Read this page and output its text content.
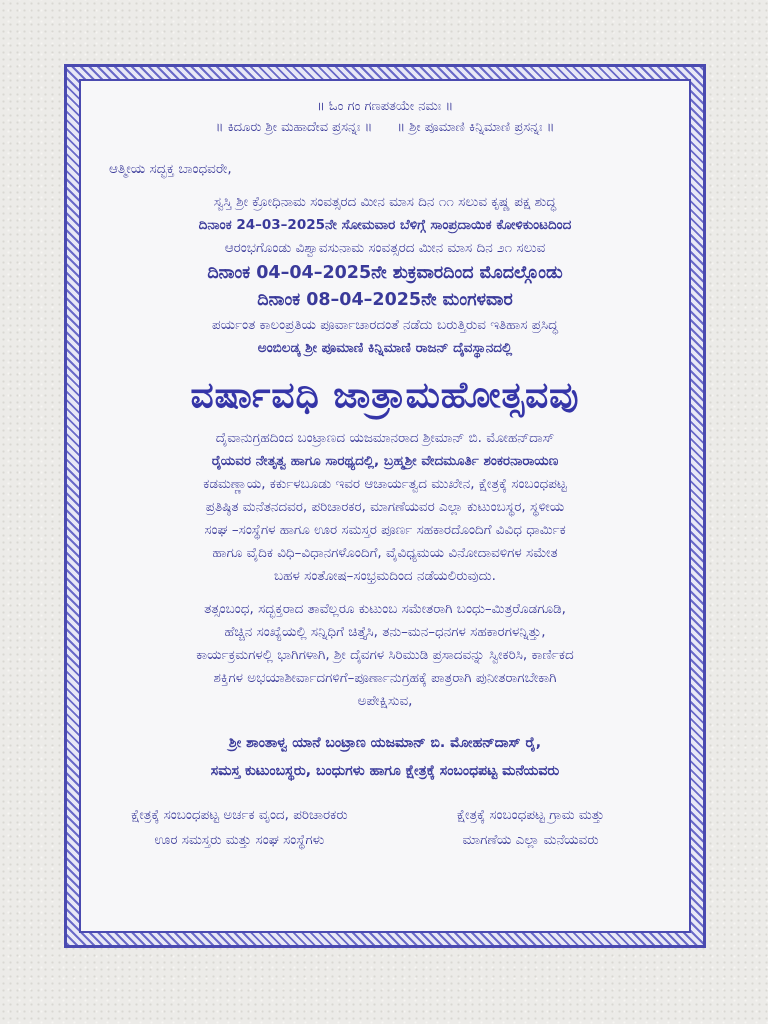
॥ ಓಂ ಗಂ ಗಣಪತಯೇ ನಮಃ ॥
॥ ಕಿದೂರು ಶ್ರೀ ಮಹಾದೇವ ಪ್ರಸನ್ನಃ ॥      ॥ ಶ್ರೀ ಪೂಮಾಣಿ ಕಿನ್ನಿಮಾಣಿ ಪ್ರಸನ್ನಃ ॥
ಆತ್ಮೀಯ ಸದ್ಭಕ್ತ ಬಾಂಧವರೇ,
ಸ್ವಸ್ತಿ ಶ್ರೀ ಕ್ರೋಧಿನಾಮ ಸಂವತ್ಸರದ ಮೀನ ಮಾಸ ದಿನ ೧೧ ಸಲುವ ಕೃಷ್ಣ ಪಕ್ಷ ಶುದ್ಧ
ದಿನಾಂಕ 24–03–2025ನೇ ಸೋಮವಾರ ಬೆಳಿಗ್ಗೆ ಸಾಂಪ್ರದಾಯಿಕ ಕೋಳಿಕುಂಟದಿಂದ
ಆರಂಭಗೊಂಡು ವಿಶ್ವಾವಸುನಾಮ ಸಂವತ್ಸರದ ಮೀನ ಮಾಸ ದಿನ ೨೧ ಸಲುವ
ದಿನಾಂಕ 04–04–2025ನೇ ಶುಕ್ರವಾರದಿಂದ ಮೊದಲ್ಗೊಂಡು
ದಿನಾಂಕ 08–04–2025ನೇ ಮಂಗಳವಾರ
ಪರ್ಯಂತ ಕಾಲಂಪ್ರತಿಯ ಪೂರ್ವಾಚಾರದಂತೆ ನಡೆದು ಬರುತ್ತಿರುವ ಇತಿಹಾಸ ಪ್ರಸಿದ್ಧ
ಅಂಬಿಲಡ್ಕ ಶ್ರೀ ಪೂಮಾಣಿ ಕಿನ್ನಿಮಾಣಿ ರಾಜನ್ ದೈವಸ್ಥಾನದಲ್ಲಿ
ವರ್ಷಾವಧಿ ಜಾತ್ರಾಮಹೋತ್ಸವವು
ದೈವಾನುಗ್ರಹದಿಂದ ಬಂಟ್ರಾಣದ ಯಜಮಾನರಾದ ಶ್ರೀಮಾನ್ ಬಿ. ಮೋಹನ್‌ದಾಸ್
ರೈಯವರ ನೇತೃತ್ವ ಹಾಗೂ ಸಾರಥ್ಯದಲ್ಲಿ, ಬ್ರಹ್ಮಶ್ರೀ ವೇದಮೂರ್ತಿ ಶಂಕರನಾರಾಯಣ
ಕಡಮಣ್ಣಾಯ, ಕರ್ಕುಳಬೂಡು ಇವರ ಆಚಾರ್ಯತ್ವದ ಮುಖೇನ, ಕ್ಷೇತ್ರಕ್ಕೆ ಸಂಬಂಧಪಟ್ಟ
ಪ್ರತಿಷ್ಠಿತ ಮನೆತನದವರ, ಪರಿಚಾರಕರ, ಮಾಗಣೆಯವರ ಎಲ್ಲಾ ಕುಟುಂಬಸ್ಥರ, ಸ್ಥಳೀಯ
ಸಂಘ –ಸಂಸ್ಥೆಗಳ ಹಾಗೂ ಊರ ಸಮಸ್ತರ ಪೂರ್ಣ ಸಹಕಾರದೊಂದಿಗೆ ವಿವಿಧ ಧಾರ್ಮಿಕ
ಹಾಗೂ ವೈದಿಕ ವಿಧಿ–ವಿಧಾನಗಳೊಂದಿಗೆ, ವೈವಿಧ್ಯಮಯ ವಿನೋದಾವಳಿಗಳ ಸಮೇತ
ಬಹಳ ಸಂತೋಷ–ಸಂಭ್ರಮದಿಂದ ನಡೆಯಲಿರುವುದು.
ತತ್ಸಂಬಂಧ, ಸದ್ಭಕ್ತರಾದ ತಾವೆಲ್ಲರೂ ಕುಟುಂಬ ಸಮೇತರಾಗಿ ಬಂಧು–ಮಿತ್ರರೊಡಗೂಡಿ,
ಹೆಚ್ಚಿನ ಸಂಖ್ಯೆಯಲ್ಲಿ ಸನ್ನಿಧಿಗೆ ಚಿತ್ತೈಸಿ, ತನು–ಮನ–ಧನಗಳ ಸಹಕಾರಗಳನ್ನಿತ್ತು,
ಕಾರ್ಯಕ್ರಮಗಳಲ್ಲಿ ಭಾಗಿಗಳಾಗಿ, ಶ್ರೀ ದೈವಗಳ ಸಿರಿಮುಡಿ ಪ್ರಸಾದವನ್ನು ಸ್ವೀಕರಿಸಿ, ಕಾರ್ಣಿಕದ
ಶಕ್ತಿಗಳ ಅಭಯಾಶೀರ್ವಾದಗಳಿಗೆ–ಪೂರ್ಣಾನುಗ್ರಹಕ್ಕೆ ಪಾತ್ರರಾಗಿ ಪುನೀತರಾಗಬೇಕಾಗಿ
ಅಪೇಕ್ಷಿಸುವ,
ಶ್ರೀ ಶಾಂತಾಳ್ವ ಯಾನೆ ಬಂಟ್ರಾಣ ಯಜಮಾನ್ ಬಿ. ಮೋಹನ್‌ದಾಸ್ ರೈ,
ಸಮಸ್ತ ಕುಟುಂಬಸ್ಥರು, ಬಂಧುಗಳು ಹಾಗೂ ಕ್ಷೇತ್ರಕ್ಕೆ ಸಂಬಂಧಪಟ್ಟ ಮನೆಯವರು
ಕ್ಷೇತ್ರಕ್ಕೆ ಸಂಬಂಧಪಟ್ಟ ಅರ್ಚಕ ವೃಂದ, ಪರಿಚಾರಕರು
ಊರ ಸಮಸ್ತರು ಮತ್ತು ಸಂಘ ಸಂಸ್ಥೆಗಳು
ಕ್ಷೇತ್ರಕ್ಕೆ ಸಂಬಂಧಪಟ್ಟ ಗ್ರಾಮ ಮತ್ತು
ಮಾಗಣೆಯ ಎಲ್ಲಾ ಮನೆಯವರು
